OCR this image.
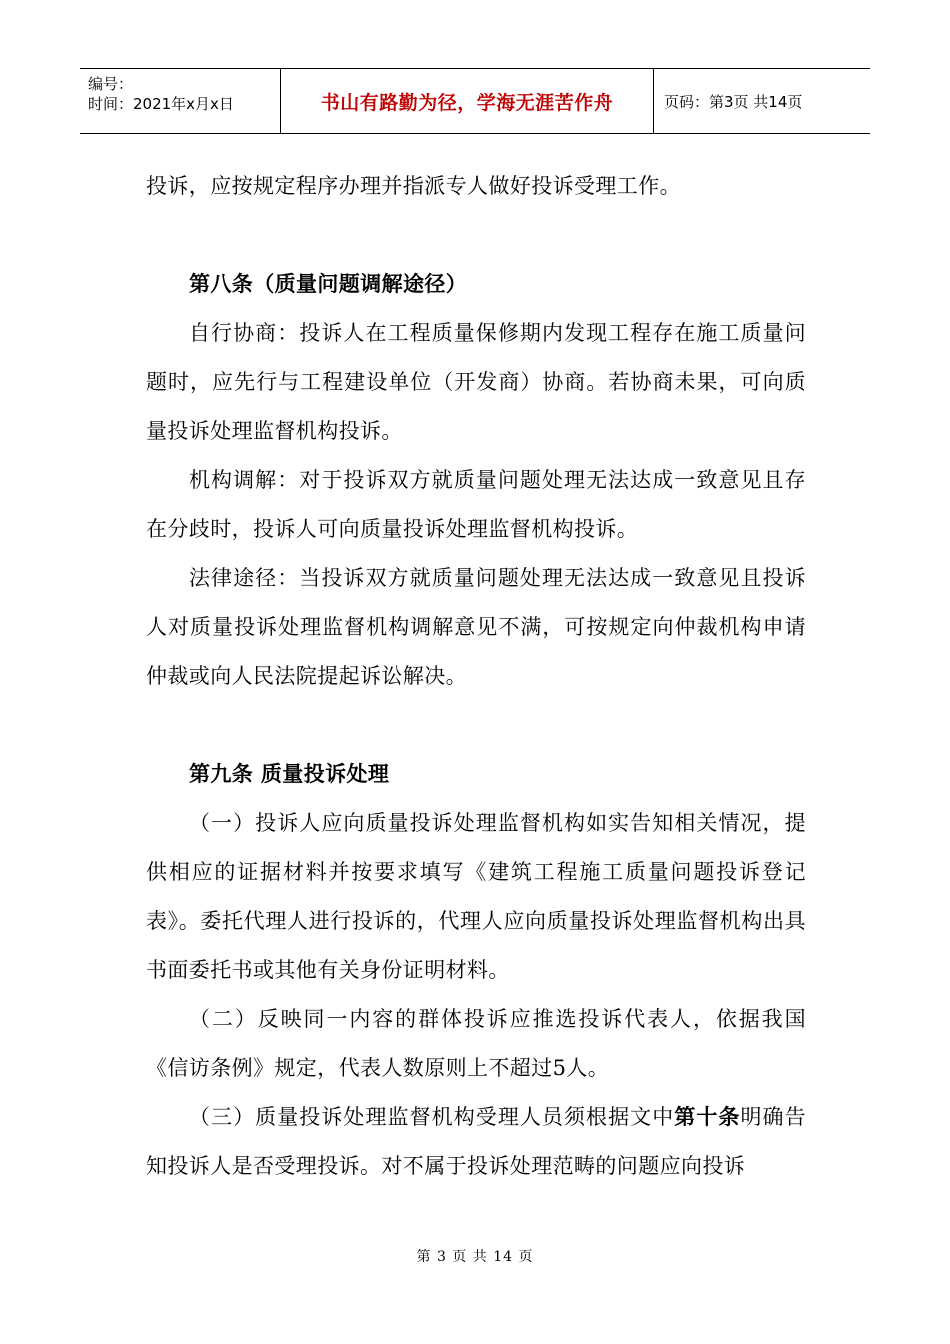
编号：
时间：2021年x月x日	书山有路勤为径，学海无涯苦作舟	页码：第3页 共14页

投诉，应按规定程序办理并指派专人做好投诉受理工作。

第八条（质量问题调解途径）

自行协商：投诉人在工程质量保修期内发现工程存在施工质量问题时，应先行与工程建设单位（开发商）协商。若协商未果，可向质量投诉处理监督机构投诉。

机构调解：对于投诉双方就质量问题处理无法达成一致意见且存在分歧时，投诉人可向质量投诉处理监督机构投诉。

法律途径：当投诉双方就质量问题处理无法达成一致意见且投诉人对质量投诉处理监督机构调解意见不满，可按规定向仲裁机构申请仲裁或向人民法院提起诉讼解决。

第九条 质量投诉处理

（一）投诉人应向质量投诉处理监督机构如实告知相关情况，提供相应的证据材料并按要求填写《建筑工程施工质量问题投诉登记表》。委托代理人进行投诉的，代理人应向质量投诉处理监督机构出具书面委托书或其他有关身份证明材料。

（二）反映同一内容的群体投诉应推选投诉代表人，依据我国《信访条例》规定，代表人数原则上不超过5人。

（三）质量投诉处理监督机构受理人员须根据文中第十条明确告知投诉人是否受理投诉。对不属于投诉处理范畴的问题应向投诉

第 3 页 共 14 页
